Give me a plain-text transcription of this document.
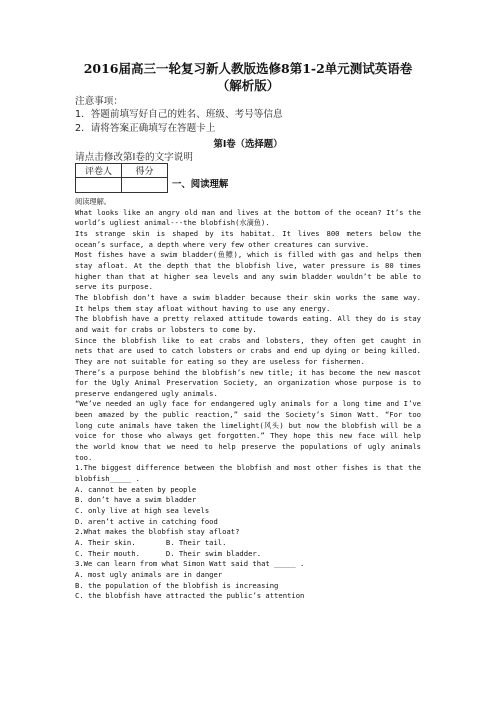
2016届高三一轮复习新人教版选修8第1-2单元测试英语卷
（解析版）
注意事项：
1．答题前填写好自己的姓名、班级、考号等信息
2．请将答案正确填写在答题卡上
第I卷（选择题）
请点击修改第I卷的文字说明
评卷人	得分

一、阅读理解

阅读理解。

What looks like an angry old man and lives at the bottom of the ocean? It’s the world’s ugliest animal---the blobfish(水滴鱼).

Its strange skin is shaped by its habitat. It lives 800 meters below the ocean’s surface, a depth where very few other creatures can survive.

Most fishes have a swim bladder(鱼鳔), which is filled with gas and helps them stay afloat. At the depth that the blobfish live, water pressure is 80 times higher than that at higher sea levels and any swim bladder wouldn’t be able to serve its purpose.

The blobfish don’t have a swim bladder because their skin works the same way. It helps them stay afloat without having to use any energy.

The blobfish have a pretty relaxed attitude towards eating. All they do is stay and wait for crabs or lobsters to come by.

Since the blobfish like to eat crabs and lobsters, they often get caught in nets that are used to catch lobsters or crabs and end up dying or being killed. They are not suitable for eating so they are useless for fishermen.

There’s a purpose behind the blobfish’s new title; it has become the new mascot for the Ugly Animal Preservation Society, an organization whose purpose is to preserve endangered ugly animals.

“We’ve needed an ugly face for endangered ugly animals for a long time and I’ve been amazed by the public reaction,” said the Society’s Simon Watt. “For too long cute animals have taken the limelight(风头) but now the blobfish will be a voice for those who always get forgotten.” They hope this new face will help the world know that we need to help preserve the populations of ugly animals too.

1.The biggest difference between the blobfish and most other fishes is that the blobfish_____ .

A. cannot be eaten by people
B. don’t have a swim bladder
C. only live at high sea levels
D. aren’t active in catching food

2.What makes the blobfish stay afloat?

A. Their skin.       B. Their tail.
C. Their mouth.      D. Their swim bladder.

3.We can learn from what Simon Watt said that _____ .

A. most ugly animals are in danger
B. the population of the blobfish is increasing
C. the blobfish have attracted the public’s attention
